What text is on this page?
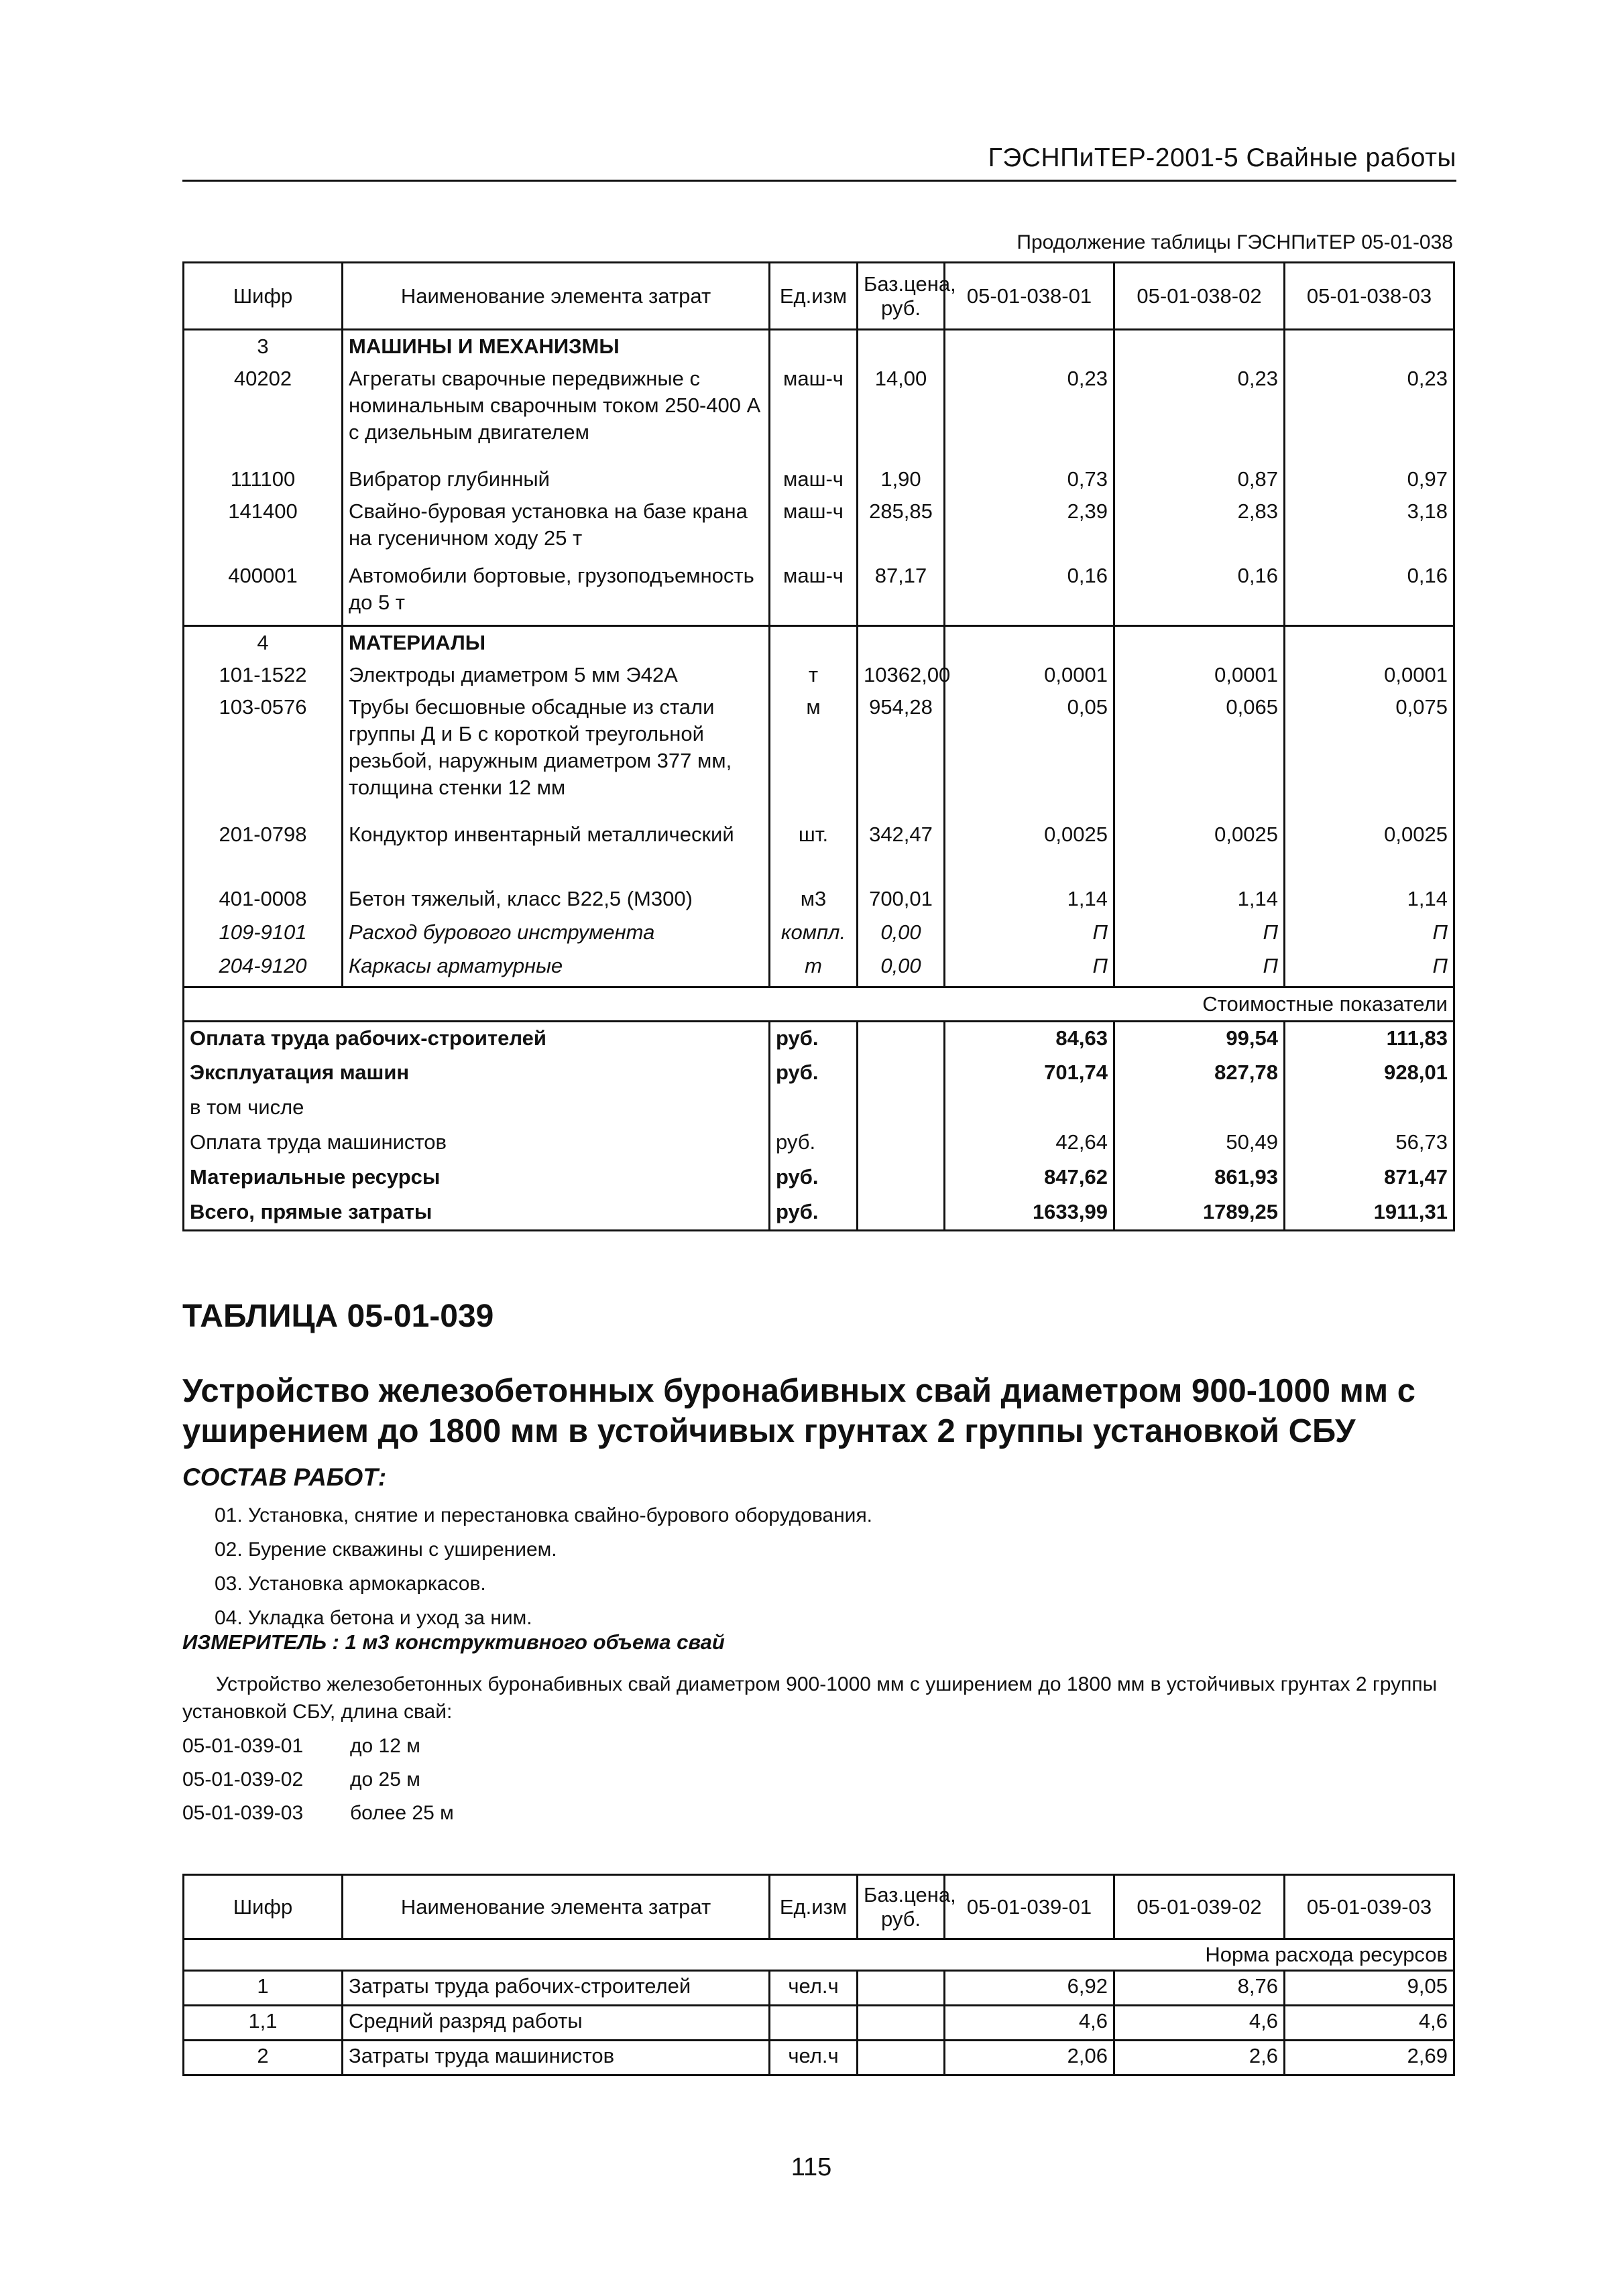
ГЭСНПиТЕР-2001-5 Свайные работы
Продолжение таблицы ГЭСНПиТЕР 05-01-038
Шифр	Наименование элемента затрат	Ед.изм	Баз.цена, руб.	05-01-038-01	05-01-038-02	05-01-038-03
3	МАШИНЫ И МЕХАНИЗМЫ					
40202	Агрегаты сварочные передвижные с номинальным сварочным током 250-400 А с дизельным двигателем	маш-ч	14,00	0,23	0,23	0,23
111100	Вибратор глубинный	маш-ч	1,90	0,73	0,87	0,97
141400	Свайно-буровая установка на базе крана на гусеничном ходу 25 т	маш-ч	285,85	2,39	2,83	3,18
400001	Автомобили бортовые, грузоподъемность до 5 т	маш-ч	87,17	0,16	0,16	0,16
4	МАТЕРИАЛЫ					
101-1522	Электроды диаметром 5 мм Э42А	т	10362,00	0,0001	0,0001	0,0001
103-0576	Трубы бесшовные обсадные из стали группы Д и Б с короткой треугольной резьбой, наружным диаметром 377 мм, толщина стенки 12 мм	м	954,28	0,05	0,065	0,075
201-0798	Кондуктор инвентарный металлический	шт.	342,47	0,0025	0,0025	0,0025
401-0008	Бетон тяжелый, класс В22,5 (М300)	м3	700,01	1,14	1,14	1,14
109-9101	Расход бурового инструмента	компл.	0,00	П	П	П
204-9120	Каркасы арматурные	т	0,00	П	П	П
Стоимостные показатели						
Оплата труда рабочих-строителей		руб.		84,63	99,54	111,83
Эксплуатация машин		руб.		701,74	827,78	928,01
в том числе						
Оплата труда машинистов		руб.		42,64	50,49	56,73
Материальные ресурсы		руб.		847,62	861,93	871,47
Всего, прямые затраты		руб.		1633,99	1789,25	1911,31
ТАБЛИЦА 05-01-039
Устройство железобетонных буронабивных свай диаметром 900-1000 мм с уширением до 1800 мм в устойчивых грунтах 2 группы установкой СБУ
СОСТАВ РАБОТ:
01. Установка, снятие и перестановка свайно-бурового оборудования.
02. Бурение скважины с уширением.
03. Установка армокаркасов.
04. Укладка бетона и уход за ним.
ИЗМЕРИТЕЛЬ : 1 м3 конструктивного объема свай
Устройство железобетонных буронабивных свай диаметром 900-1000 мм с уширением до 1800 мм в устойчивых грунтах 2 группы установкой СБУ, длина свай:
05-01-039-01 до 12 м
05-01-039-02 до 25 м
05-01-039-03 более 25 м
Шифр	Наименование элемента затрат	Ед.изм	Баз.цена, руб.	05-01-039-01	05-01-039-02	05-01-039-03
Норма расхода ресурсов						
1	Затраты труда рабочих-строителей	чел.ч		6,92	8,76	9,05
1,1	Средний разряд работы			4,6	4,6	4,6
2	Затраты труда машинистов	чел.ч		2,06	2,6	2,69
115
